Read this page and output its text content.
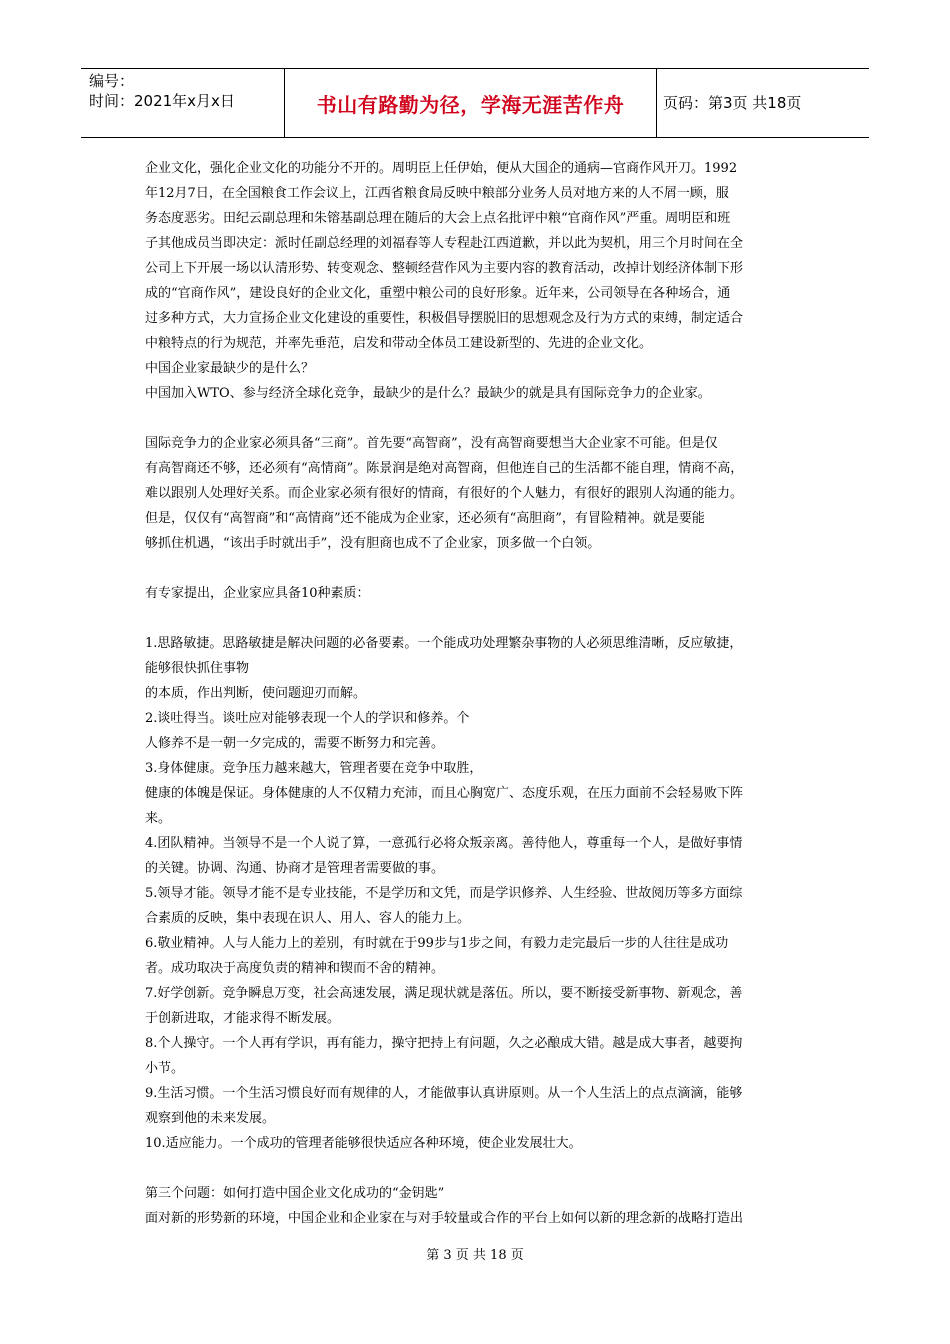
编号：
时间：2021年x月x日	书山有路勤为径，学海无涯苦作舟	页码：第3页 共18页

企业文化，强化企业文化的功能分不开的。周明臣上任伊始，便从大国企的通病—官商作风开刀。1992

年12月7日，在全国粮食工作会议上，江西省粮食局反映中粮部分业务人员对地方来的人不屑一顾，服

务态度恶劣。田纪云副总理和朱镕基副总理在随后的大会上点名批评中粮“官商作风”严重。周明臣和班

子其他成员当即决定：派时任副总经理的刘福春等人专程赴江西道歉，并以此为契机，用三个月时间在全

公司上下开展一场以认清形势、转变观念、整顿经营作风为主要内容的教育活动，改掉计划经济体制下形

成的“官商作风”，建设良好的企业文化，重塑中粮公司的良好形象。近年来，公司领导在各种场合，通

过多种方式，大力宣扬企业文化建设的重要性，积极倡导摆脱旧的思想观念及行为方式的束缚，制定适合

中粮特点的行为规范，并率先垂范，启发和带动全体员工建设新型的、先进的企业文化。

中国企业家最缺少的是什么？

中国加入WTO、参与经济全球化竞争，最缺少的是什么？最缺少的就是具有国际竞争力的企业家。

国际竞争力的企业家必须具备“三商”。首先要“高智商”，没有高智商要想当大企业家不可能。但是仅

有高智商还不够，还必须有“高情商”。陈景润是绝对高智商，但他连自己的生活都不能自理，情商不高，

难以跟别人处理好关系。而企业家必须有很好的情商，有很好的个人魅力，有很好的跟别人沟通的能力。

但是，仅仅有“高智商”和“高情商”还不能成为企业家，还必须有“高胆商”，有冒险精神。就是要能

够抓住机遇，“该出手时就出手”，没有胆商也成不了企业家，顶多做一个白领。

有专家提出，企业家应具备10种素质：

1.思路敏捷。思路敏捷是解决问题的必备要素。一个能成功处理繁杂事物的人必须思维清晰，反应敏捷，

能够很快抓住事物

的本质，作出判断，使问题迎刃而解。

2.谈吐得当。谈吐应对能够表现一个人的学识和修养。个

人修养不是一朝一夕完成的，需要不断努力和完善。

3.身体健康。竞争压力越来越大，管理者要在竞争中取胜，

健康的体魄是保证。身体健康的人不仅精力充沛，而且心胸宽广、态度乐观，在压力面前不会轻易败下阵

来。

4.团队精神。当领导不是一个人说了算，一意孤行必将众叛亲离。善待他人，尊重每一个人，是做好事情

的关键。协调、沟通、协商才是管理者需要做的事。

5.领导才能。领导才能不是专业技能，不是学历和文凭，而是学识修养、人生经验、世故阅历等多方面综

合素质的反映，集中表现在识人、用人、容人的能力上。

6.敬业精神。人与人能力上的差别，有时就在于99步与1步之间，有毅力走完最后一步的人往往是成功

者。成功取决于高度负责的精神和锲而不舍的精神。

7.好学创新。竞争瞬息万变，社会高速发展，满足现状就是落伍。所以，要不断接受新事物、新观念，善

于创新进取，才能求得不断发展。

8.个人操守。一个人再有学识，再有能力，操守把持上有问题，久之必酿成大错。越是成大事者，越要拘

小节。

9.生活习惯。一个生活习惯良好而有规律的人，才能做事认真讲原则。从一个人生活上的点点滴滴，能够

观察到他的未来发展。

10.适应能力。一个成功的管理者能够很快适应各种环境，使企业发展壮大。

第三个问题：如何打造中国企业文化成功的“金钥匙”

面对新的形势新的环境，中国企业和企业家在与对手较量或合作的平台上如何以新的理念新的战略打造出

第 3 页 共 18 页
